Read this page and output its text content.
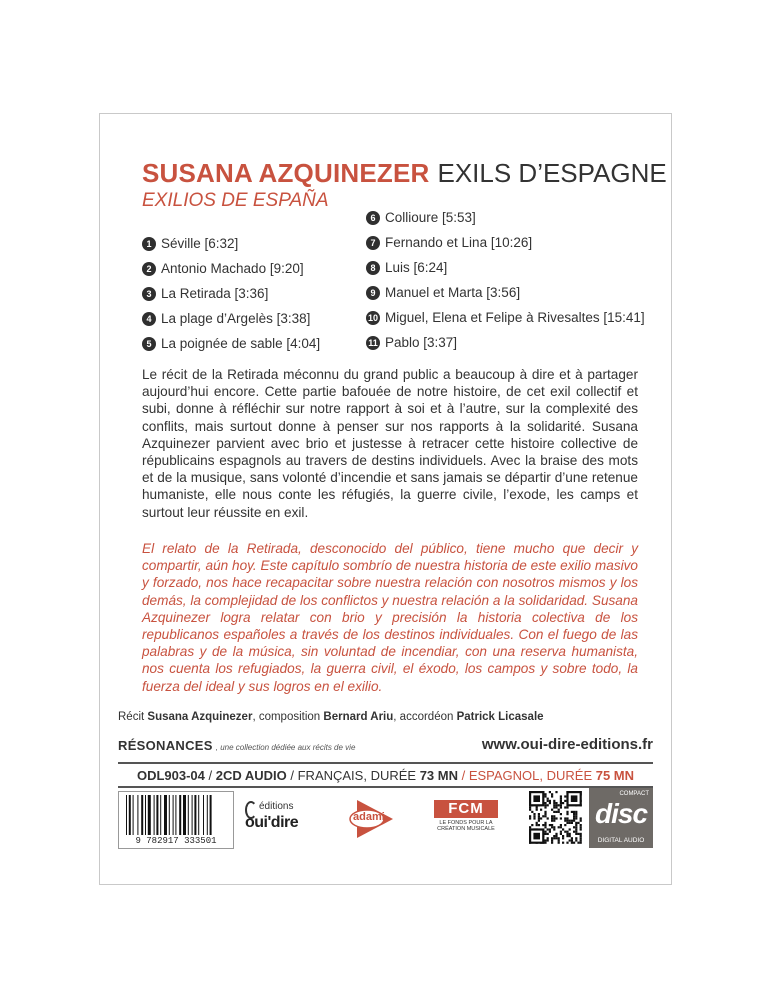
SUSANA AZQUINEZER EXILS D’ESPAGNE
EXILIOS DE ESPAÑA
1 Séville [6:32]
2 Antonio Machado [9:20]
3 La Retirada [3:36]
4 La plage d’Argelès [3:38]
5 La poignée de sable [4:04]
6 Collioure [5:53]
7 Fernando et Lina [10:26]
8 Luis [6:24]
9 Manuel et Marta [3:56]
10 Miguel, Elena et Felipe à Rivesaltes [15:41]
11 Pablo [3:37]
Le récit de la Retirada méconnu du grand public a beaucoup à dire et à partager aujourd’hui encore. Cette partie bafouée de notre histoire, de cet exil collectif et subi, donne à réfléchir sur notre rapport à soi et à l’autre, sur la complexité des conflits, mais surtout donne à penser sur nos rapports à la solidarité. Susana Azquinezer parvient avec brio et justesse à retracer cette histoire collective de républicains espagnols au travers de destins individuels. Avec la braise des mots et de la musique, sans volonté d’incendie et sans jamais se départir d’une retenue humaniste, elle nous conte les réfugiés, la guerre civile, l’exode, les camps et surtout leur réussite en exil.
El relato de la Retirada, desconocido del público, tiene mucho que decir y compartir, aún hoy. Este capítulo sombrío de nuestra historia de este exilio masivo y forzado, nos hace recapacitar sobre nuestra relación con nosotros mismos y los demás, la complejidad de los conflictos y nuestra relación a la solidaridad. Susana Azquinezer logra relatar con brio y precisión la historia colectiva de los republicanos españoles a través de los destinos individuales. Con el fuego de las palabras y de la música, sin voluntad de incendiar, con una reserva humanista, nos cuenta los refugiados, la guerra civil, el éxodo, los campos y sobre todo, la fuerza del ideal y sus logros en el exilio.
Récit Susana Azquinezer, composition Bernard Ariu, accordéon Patrick Licasale
RÉSONANCES , une collection dédiée aux récits de vie	www.oui-dire-editions.fr
ODL903-04 / 2CD AUDIO / FRANÇAIS, DURÉE 73 MN / ESPAGNOL, DURÉE 75 MN
9 782917 333501
éditions
oui'dire	adami	FCM
LE FONDS POUR LA
CRÉATION MUSICALE
COMPACT
disc
DIGITAL AUDIO
